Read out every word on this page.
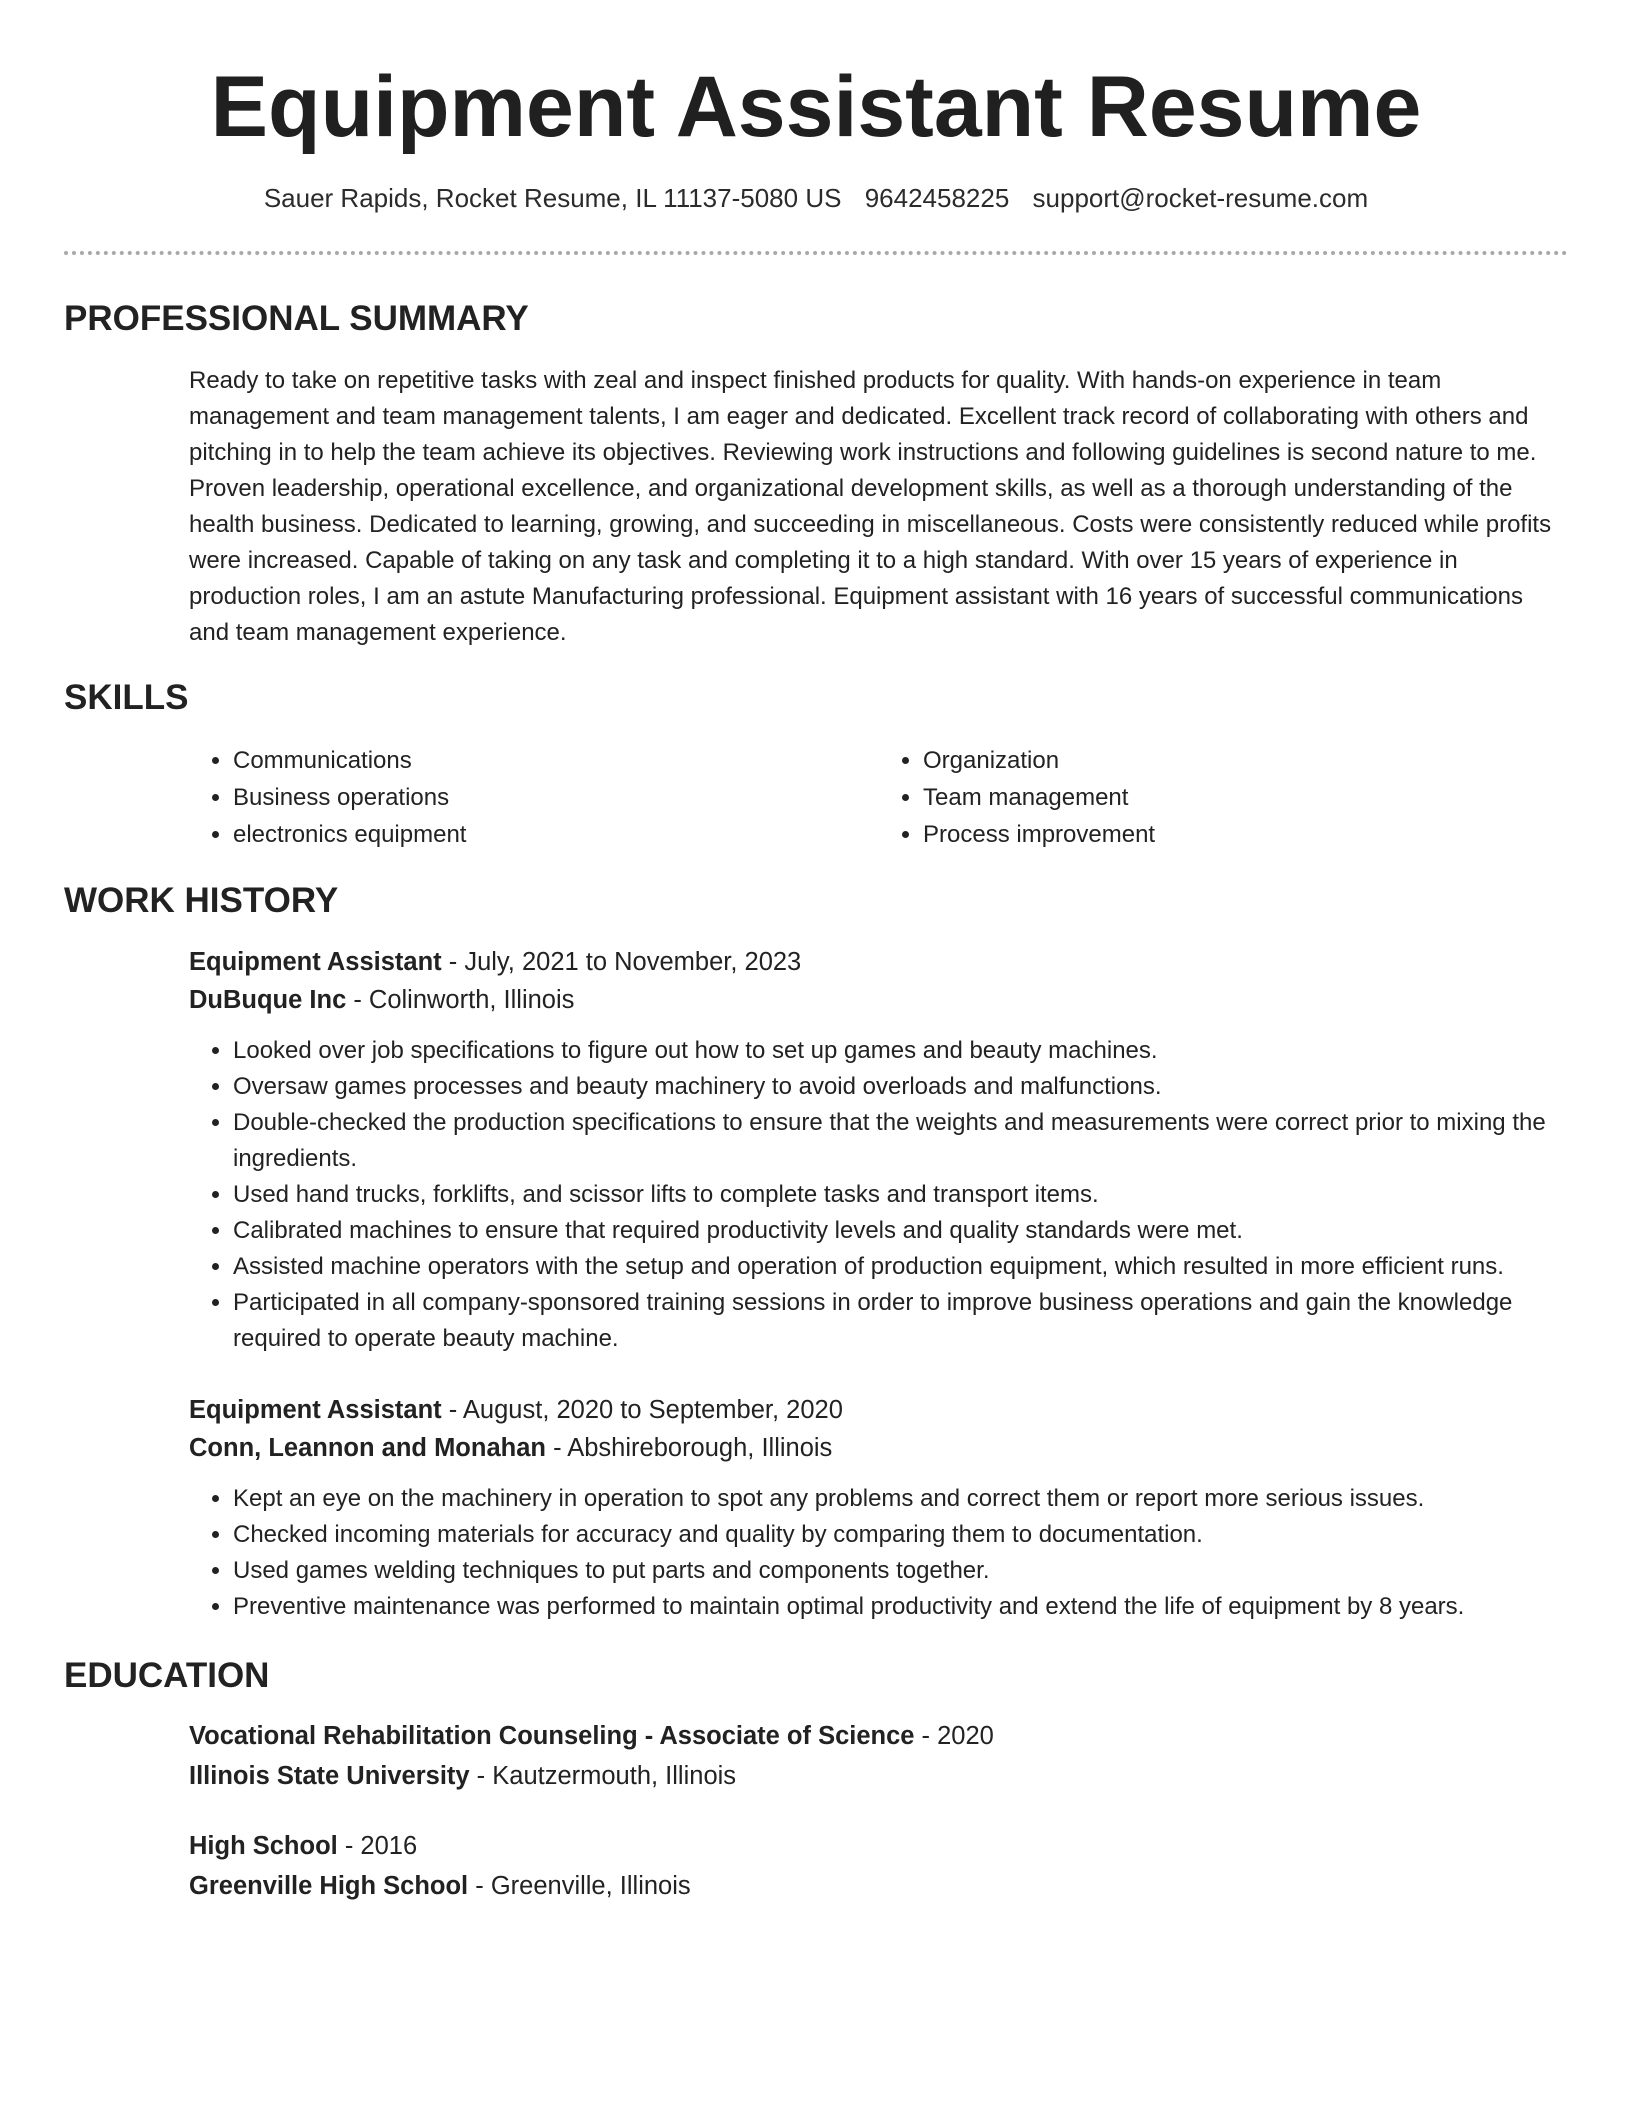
Equipment Assistant Resume
Sauer Rapids, Rocket Resume, IL 11137-5080 US 9642458225 support@rocket-resume.com
PROFESSIONAL SUMMARY

Ready to take on repetitive tasks with zeal and inspect finished products for quality. With hands-on experience in team management and team management talents, I am eager and dedicated. Excellent track record of collaborating with others and pitching in to help the team achieve its objectives. Reviewing work instructions and following guidelines is second nature to me. Proven leadership, operational excellence, and organizational development skills, as well as a thorough understanding of the health business. Dedicated to learning, growing, and succeeding in miscellaneous. Costs were consistently reduced while profits were increased. Capable of taking on any task and completing it to a high standard. With over 15 years of experience in production roles, I am an astute Manufacturing professional. Equipment assistant with 16 years of successful communications and team management experience.

SKILLS
• Communications
• Business operations
• electronics equipment
• Organization
• Team management
• Process improvement
WORK HISTORY

Equipment Assistant - July, 2021 to November, 2023

DuBuque Inc - Colinworth, Illinois

• Looked over job specifications to figure out how to set up games and beauty machines.
• Oversaw games processes and beauty machinery to avoid overloads and malfunctions.
• Double-checked the production specifications to ensure that the weights and measurements were correct prior to mixing the ingredients.
• Used hand trucks, forklifts, and scissor lifts to complete tasks and transport items.
• Calibrated machines to ensure that required productivity levels and quality standards were met.
• Assisted machine operators with the setup and operation of production equipment, which resulted in more efficient runs.
• Participated in all company-sponsored training sessions in order to improve business operations and gain the knowledge required to operate beauty machine.

Equipment Assistant - August, 2020 to September, 2020

Conn, Leannon and Monahan - Abshireborough, Illinois

• Kept an eye on the machinery in operation to spot any problems and correct them or report more serious issues.
• Checked incoming materials for accuracy and quality by comparing them to documentation.
• Used games welding techniques to put parts and components together.
• Preventive maintenance was performed to maintain optimal productivity and extend the life of equipment by 8 years.
EDUCATION

Vocational Rehabilitation Counseling - Associate of Science - 2020

Illinois State University - Kautzermouth, Illinois

High School - 2016

Greenville High School - Greenville, Illinois
